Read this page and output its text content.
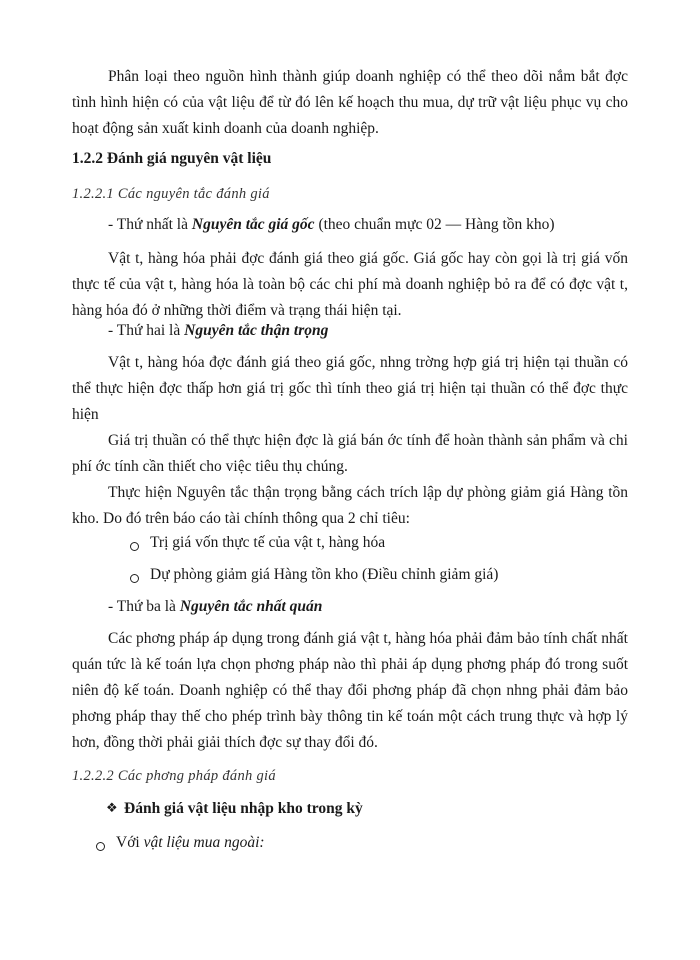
Phân loại theo nguồn hình thành giúp doanh nghiệp có thể theo dõi nắm bắt đợc tình hình hiện có của vật liệu để từ đó lên kế hoạch thu mua, dự trữ vật liệu phục vụ cho hoạt động sản xuất kinh doanh của doanh nghiệp.

1.2.2 Đánh giá nguyên vật liệu

1.2.2.1 Các nguyên tắc đánh giá

- Thứ nhất là Nguyên tắc giá gốc (theo chuẩn mực 02 — Hàng tồn kho)

Vật t, hàng hóa phải đợc đánh giá theo giá gốc. Giá gốc hay còn gọi là trị giá vốn thực tế của vật t, hàng hóa là toàn bộ các chi phí mà doanh nghiệp bỏ ra để có đợc vật t, hàng hóa đó ở những thời điểm và trạng thái hiện tại.

- Thứ hai là Nguyên tắc thận trọng

Vật t, hàng hóa đợc đánh giá theo giá gốc, nhng trờng hợp giá trị hiện tại thuần có thể thực hiện đợc thấp hơn giá trị gốc thì tính theo giá trị hiện tại thuần có thể đợc thực hiện

Giá trị thuần có thể thực hiện đợc là giá bán ớc tính để hoàn thành sản phẩm và chi phí ớc tính cần thiết cho việc tiêu thụ chúng.

Thực hiện Nguyên tắc thận trọng bằng cách trích lập dự phòng giảm giá Hàng tồn kho. Do đó trên báo cáo tài chính thông qua 2 chỉ tiêu:

Trị giá vốn thực tế của vật t, hàng hóa

Dự phòng giảm giá Hàng tồn kho (Điều chỉnh giảm giá)

- Thứ ba là Nguyên tắc nhất quán

Các phơng pháp áp dụng trong đánh giá vật t, hàng hóa phải đảm bảo tính chất nhất quán tức là kế toán lựa chọn phơng pháp nào thì phải áp dụng phơng pháp đó trong suốt niên độ kế toán. Doanh nghiệp có thể thay đổi phơng pháp đã chọn nhng phải đảm bảo phơng pháp thay thế cho phép trình bày thông tin kế toán một cách trung thực và hợp lý hơn, đồng thời phải giải thích đợc sự thay đổi đó.

1.2.2.2 Các phơng pháp đánh giá

❖ Đánh giá vật liệu nhập kho trong kỳ

Với vật liệu mua ngoài:
